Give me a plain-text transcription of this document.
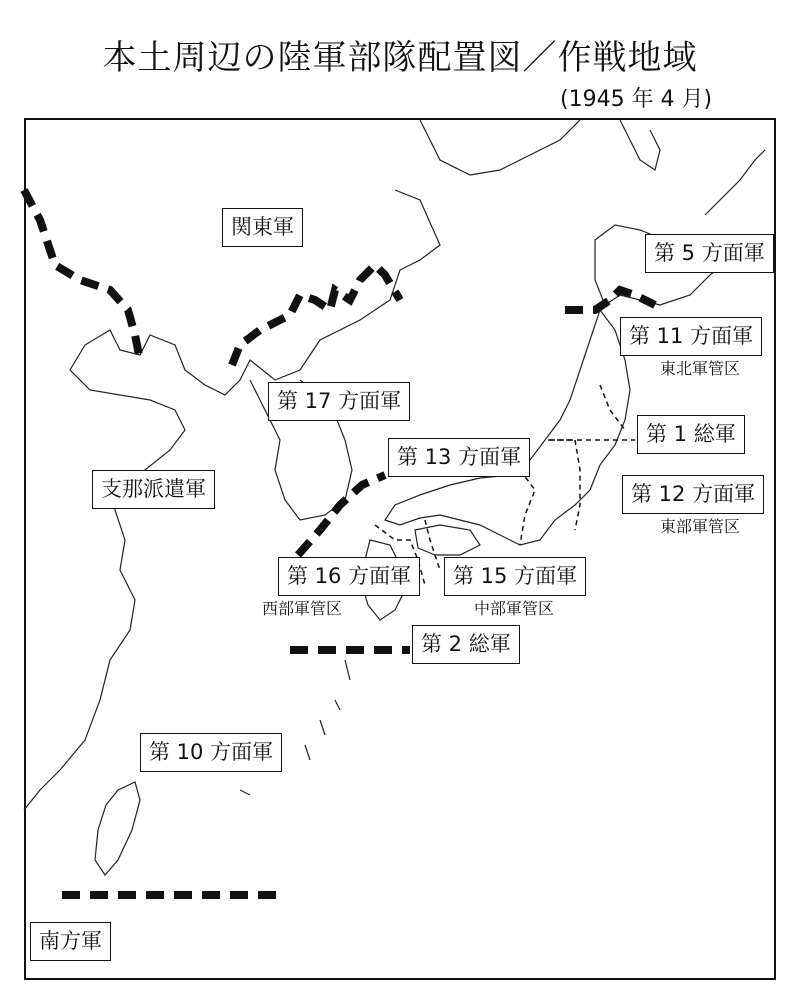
本土周辺の陸軍部隊配置図／作戦地域
(1945 年 4 月)
関東軍
支那派遣軍
南方軍
第 5 方面軍
第 11 方面軍
東北軍管区
第 1 総軍
第 12 方面軍
東部軍管区
第 13 方面軍
第 15 方面軍
中部軍管区
第 16 方面軍
西部軍管区
第 17 方面軍
第 2 総軍
第 10 方面軍
